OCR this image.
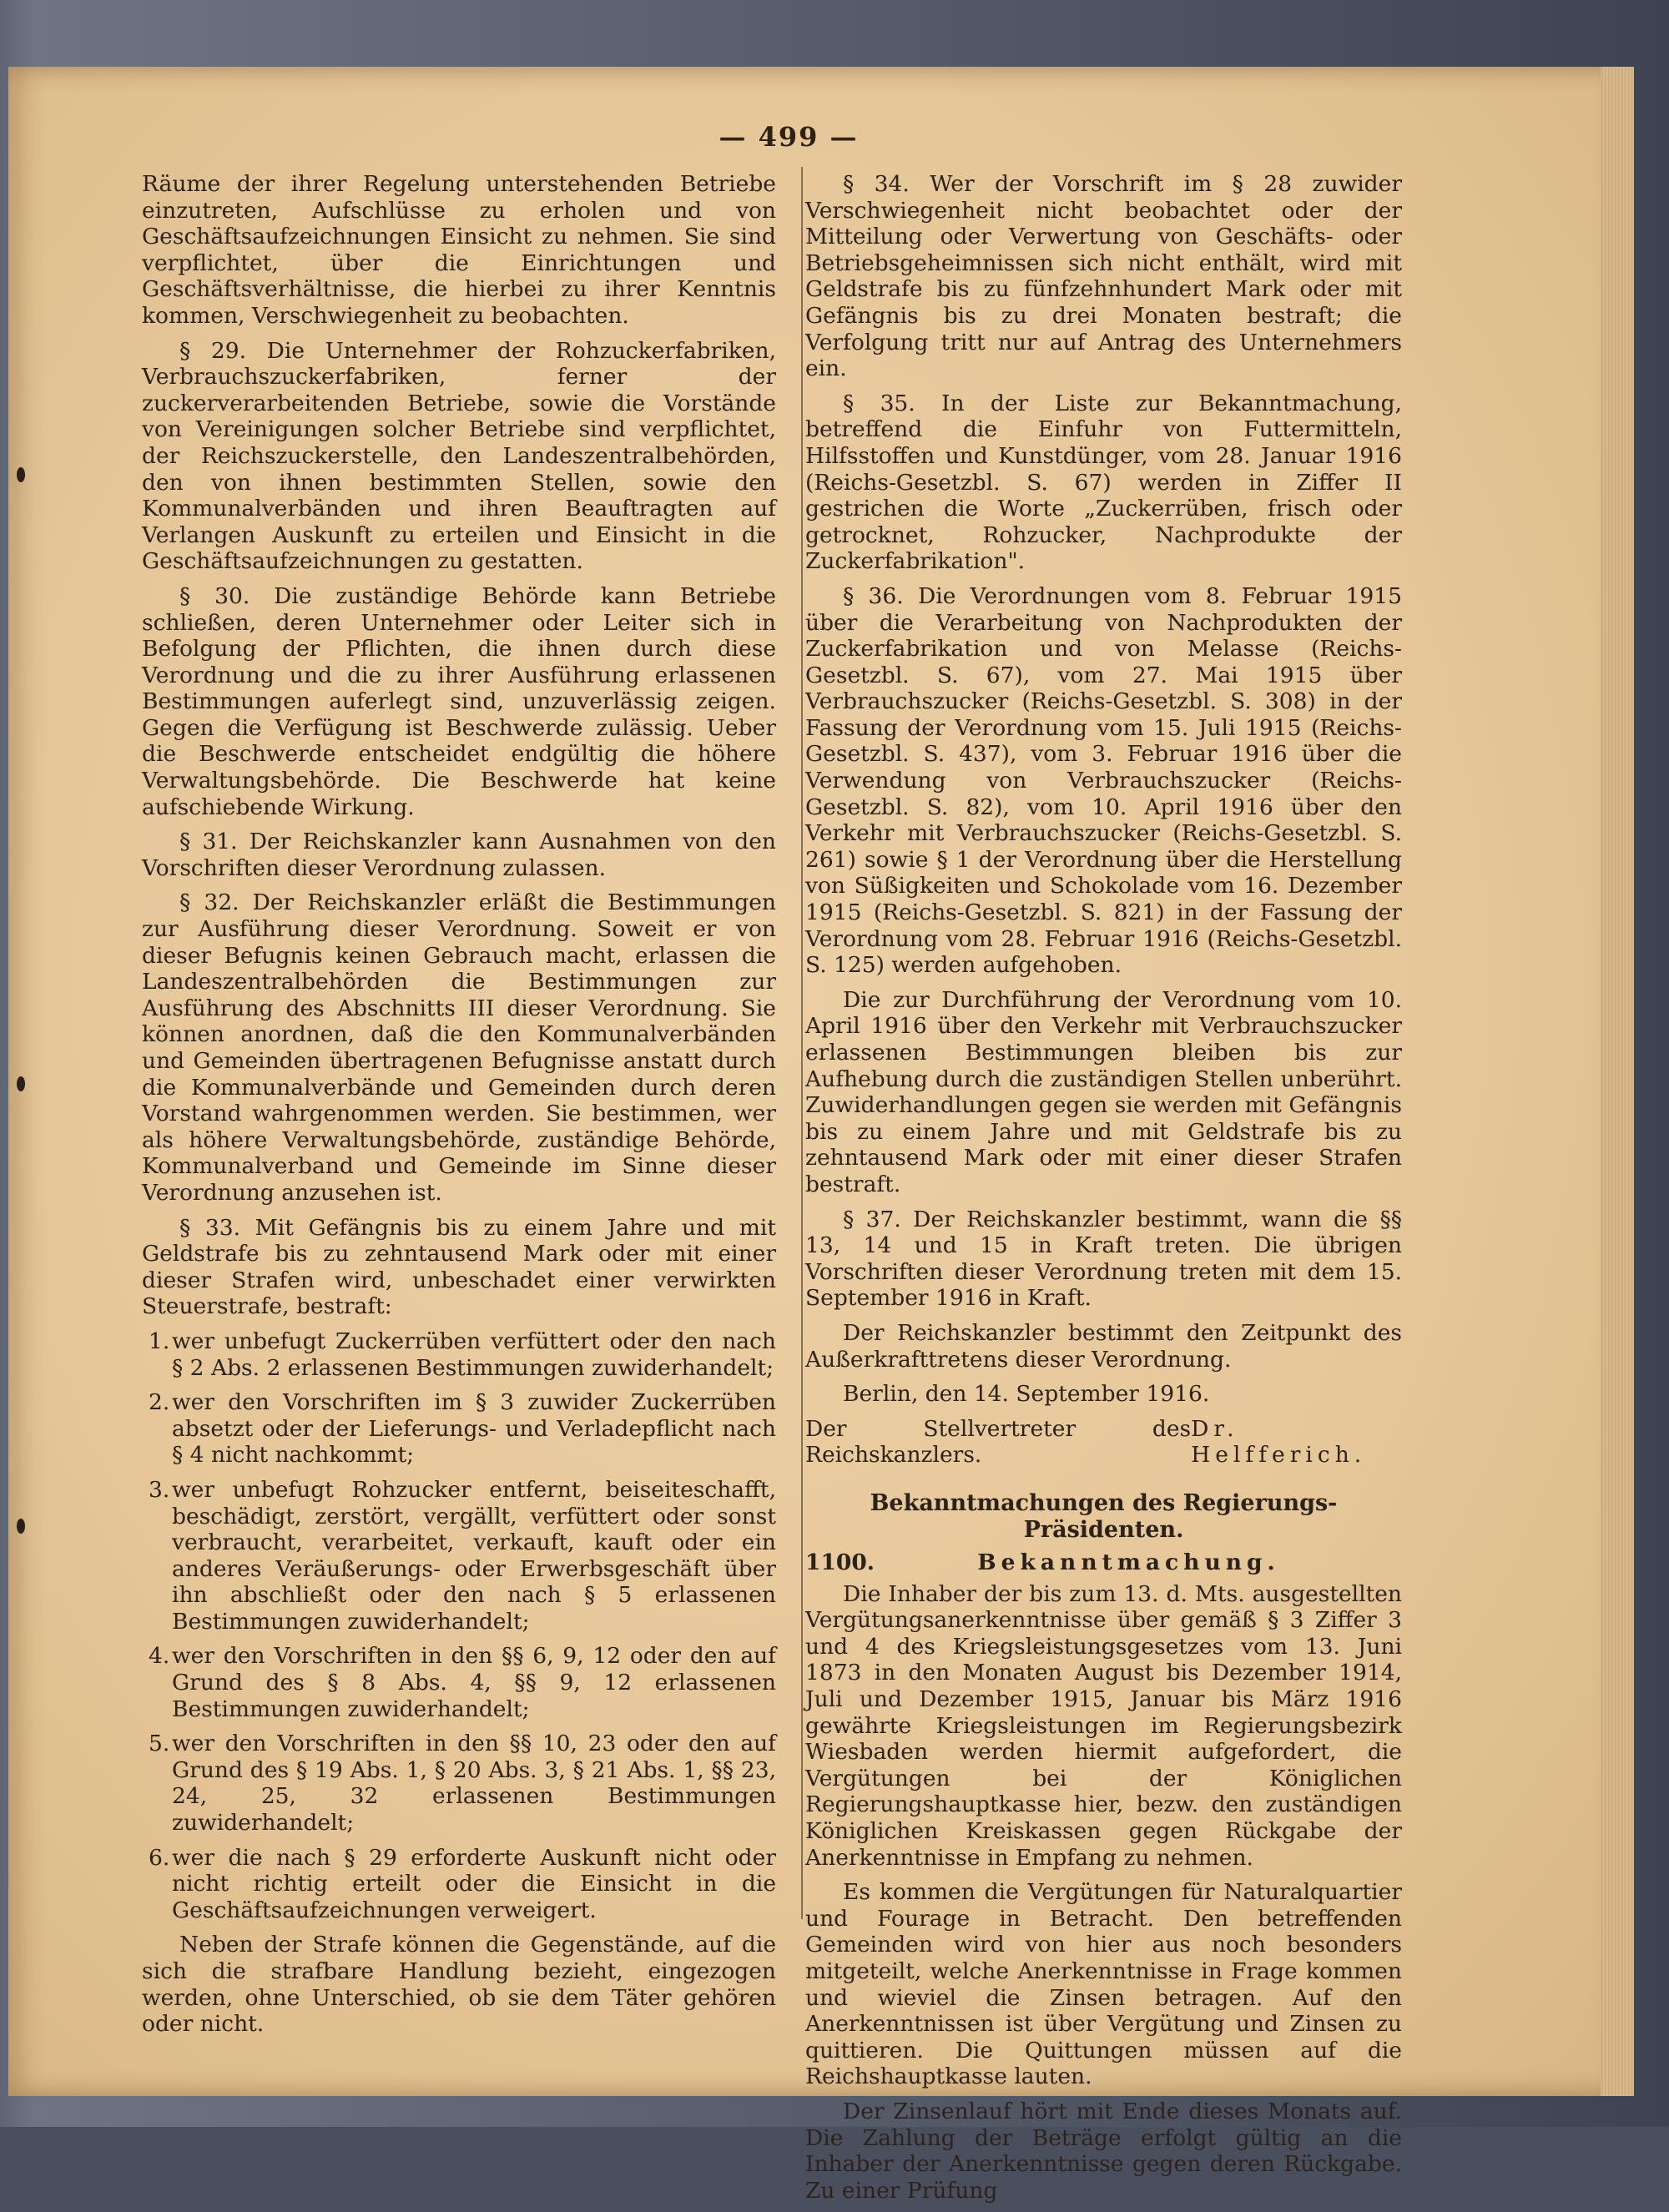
— 499 —

Räume der ihrer Regelung unterstehenden Betriebe einzutreten, Aufschlüsse zu erholen und von Geschäftsaufzeichnungen Einsicht zu nehmen. Sie sind verpflichtet, über die Einrichtungen und Geschäftsverhältnisse, die hierbei zu ihrer Kenntnis kommen, Verschwiegenheit zu beobachten.

§ 29. Die Unternehmer der Rohzuckerfabriken, Verbrauchszuckerfabriken, ferner der zuckerverarbeitenden Betriebe, sowie die Vorstände von Vereinigungen solcher Betriebe sind verpflichtet, der Reichszuckerstelle, den Landeszentralbehörden, den von ihnen bestimmten Stellen, sowie den Kommunalverbänden und ihren Beauftragten auf Verlangen Auskunft zu erteilen und Einsicht in die Geschäftsaufzeichnungen zu gestatten.

§ 30. Die zuständige Behörde kann Betriebe schließen, deren Unternehmer oder Leiter sich in Befolgung der Pflichten, die ihnen durch diese Verordnung und die zu ihrer Ausführung erlassenen Bestimmungen auferlegt sind, unzuverlässig zeigen. Gegen die Verfügung ist Beschwerde zulässig. Ueber die Beschwerde entscheidet endgültig die höhere Verwaltungsbehörde. Die Beschwerde hat keine aufschiebende Wirkung.

§ 31. Der Reichskanzler kann Ausnahmen von den Vorschriften dieser Verordnung zulassen.

§ 32. Der Reichskanzler erläßt die Bestimmungen zur Ausführung dieser Verordnung. Soweit er von dieser Befugnis keinen Gebrauch macht, erlassen die Landeszentralbehörden die Bestimmungen zur Ausführung des Abschnitts III dieser Verordnung. Sie können anordnen, daß die den Kommunalverbänden und Gemeinden übertragenen Befugnisse anstatt durch die Kommunalverbände und Gemeinden durch deren Vorstand wahrgenommen werden. Sie bestimmen, wer als höhere Verwaltungsbehörde, zuständige Behörde, Kommunalverband und Gemeinde im Sinne dieser Verordnung anzusehen ist.

§ 33. Mit Gefängnis bis zu einem Jahre und mit Geldstrafe bis zu zehntausend Mark oder mit einer dieser Strafen wird, unbeschadet einer verwirkten Steuerstrafe, bestraft:

1. wer unbefugt Zuckerrüben verfüttert oder den nach § 2 Abs. 2 erlassenen Bestimmungen zuwiderhandelt;
2. wer den Vorschriften im § 3 zuwider Zuckerrüben absetzt oder der Lieferungs- und Verladepflicht nach § 4 nicht nachkommt;
3. wer unbefugt Rohzucker entfernt, beiseiteschafft, beschädigt, zerstört, vergällt, verfüttert oder sonst verbraucht, verarbeitet, verkauft, kauft oder ein anderes Veräußerungs- oder Erwerbsgeschäft über ihn abschließt oder den nach § 5 erlassenen Bestimmungen zuwiderhandelt;
4. wer den Vorschriften in den §§ 6, 9, 12 oder den auf Grund des § 8 Abs. 4, §§ 9, 12 erlassenen Bestimmungen zuwiderhandelt;
5. wer den Vorschriften in den §§ 10, 23 oder den auf Grund des § 19 Abs. 1, § 20 Abs. 3, § 21 Abs. 1, §§ 23, 24, 25, 32 erlassenen Bestimmungen zuwiderhandelt;
6. wer die nach § 29 erforderte Auskunft nicht oder nicht richtig erteilt oder die Einsicht in die Geschäftsaufzeichnungen verweigert.

Neben der Strafe können die Gegenstände, auf die sich die strafbare Handlung bezieht, eingezogen werden, ohne Unterschied, ob sie dem Täter gehören oder nicht.

§ 34. Wer der Vorschrift im § 28 zuwider Verschwiegenheit nicht beobachtet oder der Mitteilung oder Verwertung von Geschäfts- oder Betriebsgeheimnissen sich nicht enthält, wird mit Geldstrafe bis zu fünfzehnhundert Mark oder mit Gefängnis bis zu drei Monaten bestraft; die Verfolgung tritt nur auf Antrag des Unternehmers ein.

§ 35. In der Liste zur Bekanntmachung, betreffend die Einfuhr von Futtermitteln, Hilfsstoffen und Kunstdünger, vom 28. Januar 1916 (Reichs-Gesetzbl. S. 67) werden in Ziffer II gestrichen die Worte „Zuckerrüben, frisch oder getrocknet, Rohzucker, Nachprodukte der Zuckerfabrikation".

§ 36. Die Verordnungen vom 8. Februar 1915 über die Verarbeitung von Nachprodukten der Zuckerfabrikation und von Melasse (Reichs-Gesetzbl. S. 67), vom 27. Mai 1915 über Verbrauchszucker (Reichs-Gesetzbl. S. 308) in der Fassung der Verordnung vom 15. Juli 1915 (Reichs-Gesetzbl. S. 437), vom 3. Februar 1916 über die Verwendung von Verbrauchszucker (Reichs-Gesetzbl. S. 82), vom 10. April 1916 über den Verkehr mit Verbrauchszucker (Reichs-Gesetzbl. S. 261) sowie § 1 der Verordnung über die Herstellung von Süßigkeiten und Schokolade vom 16. Dezember 1915 (Reichs-Gesetzbl. S. 821) in der Fassung der Verordnung vom 28. Februar 1916 (Reichs-Gesetzbl. S. 125) werden aufgehoben.

Die zur Durchführung der Verordnung vom 10. April 1916 über den Verkehr mit Verbrauchszucker erlassenen Bestimmungen bleiben bis zur Aufhebung durch die zuständigen Stellen unberührt. Zuwiderhandlungen gegen sie werden mit Gefängnis bis zu einem Jahre und mit Geldstrafe bis zu zehntausend Mark oder mit einer dieser Strafen bestraft.

§ 37. Der Reichskanzler bestimmt, wann die §§ 13, 14 und 15 in Kraft treten. Die übrigen Vorschriften dieser Verordnung treten mit dem 15. September 1916 in Kraft.

Der Reichskanzler bestimmt den Zeitpunkt des Außerkrafttretens dieser Verordnung.

Berlin, den 14. September 1916.

Der Stellvertreter des Reichskanzlers.
Dr. Helfferich.
Bekanntmachungen des Regierungs-Präsidenten.
1100.	Bekanntmachung.

Die Inhaber der bis zum 13. d. Mts. ausgestellten Vergütungsanerkenntnisse über gemäß § 3 Ziffer 3 und 4 des Kriegsleistungsgesetzes vom 13. Juni 1873 in den Monaten August bis Dezember 1914, Juli und Dezember 1915, Januar bis März 1916 gewährte Kriegsleistungen im Regierungsbezirk Wiesbaden werden hiermit aufgefordert, die Vergütungen bei der Königlichen Regierungshauptkasse hier, bezw. den zuständigen Königlichen Kreiskassen gegen Rückgabe der Anerkenntnisse in Empfang zu nehmen.

Es kommen die Vergütungen für Naturalquartier und Fourage in Betracht. Den betreffenden Gemeinden wird von hier aus noch besonders mitgeteilt, welche Anerkenntnisse in Frage kommen und wieviel die Zinsen betragen. Auf den Anerkenntnissen ist über Vergütung und Zinsen zu quittieren. Die Quittungen müssen auf die Reichshauptkasse lauten.

Der Zinsenlauf hört mit Ende dieses Monats auf. Die Zahlung der Beträge erfolgt gültig an die Inhaber der Anerkenntnisse gegen deren Rückgabe. Zu einer Prüfung
